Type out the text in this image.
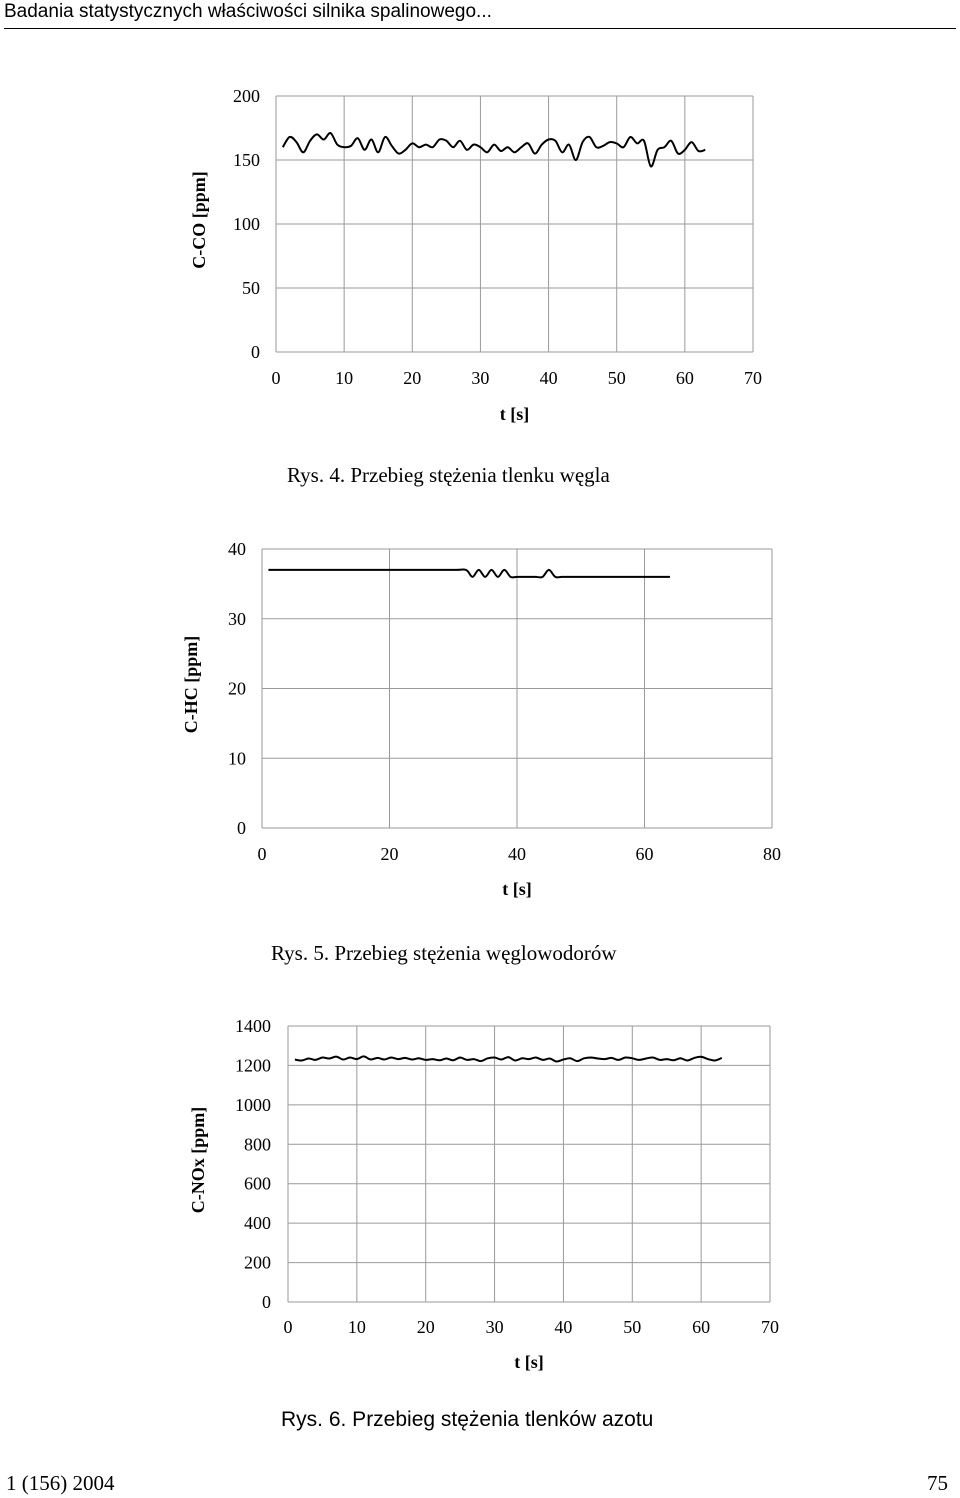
Badania statystycznych właściwości silnika spalinowego...
0
50
100
150
200
0	10	20	30	40	50	60	70
t [s]
C-CO [ppm]
Rys. 4. Przebieg stężenia tlenku węgla
0
10
20
30
40
0	20	40	60	80
t [s]
C-HC [ppm]
Rys. 5. Przebieg stężenia węglowodorów
0
200
400
600
800
1000
1200
1400
0	10	20	30	40	50	60	70
t [s]
C-NOx [ppm]
Rys. 6. Przebieg stężenia tlenków azotu
1 (156) 2004	75
